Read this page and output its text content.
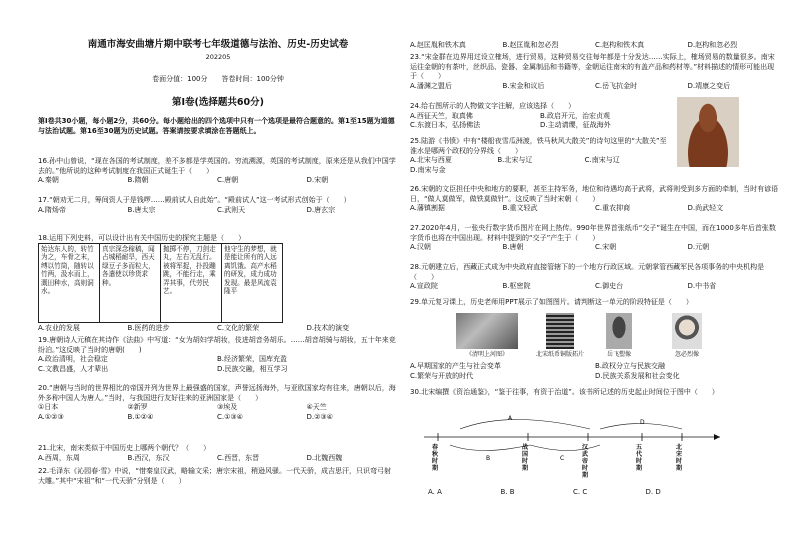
南通市海安曲塘片期中联考七年级道德与法治、历史-历史试卷
202205
卷面分值：100分　　答卷时间：100分钟
第Ⅰ卷(选择题共60分)
第Ⅰ卷共30小题，每小题2分，共60分。每小题给出的四个选项中只有一个选项是最符合题意的。第1至15题为道德与法治试题。第16至30题为历史试题。答案请按要求填涂在答题纸上。
16.孙中山曾说，“现在各国的考试制度，差不多都是学英国的。穷流溯源，英国的考试制度，原来还是从我们中国学去的。”他所说的这种考试制度在我国正式诞生于（　　）
A.秦朝	B.隋朝	C.唐朝	D.宋朝
17.“朝劝无二月，筹间资人于是钱啰……殿前试人自此始”。“殿前试人”这一考试形式创始于（　　）
A.隋炀帝	B.唐太宗	C.武则天	D.唐玄宗
18.运用下列史料，可以设计出有关中国历史的探究主题是（　　）
始达东人的，转竹为之，车骨之末，缚以竹筒，随转以竹两，汲水而上，溉田种水，高则洞水。	真宗深念稼稿，闻占城稻耐旱，西天绿豆子多而粒大，各遣使以珍货求种。	抛掷不停，刀剑走丸，左右无乱行。被将军捉，扑投蹦跳，不能行走，乘弄其事，代劳民艺。	他守生的梦想，就是能让所有的人远离饥饿。高产水稻的研发，成力成功发现。最是风流袁隆平
A.农业的发展	B.医药的进步	C.文化的繁荣	D.技术的演变
19.唐朝诗人元稹在其诗作《法曲》中写道：“女为胡妇学胡妆，伎进胡音务胡乐。……胡音胡骑与胡妆，五十年来竞纷泊。”这反映了当时的唐朝(　　)
A.政治清明，社会稳定	B.经济繁荣，国库充盈
C.文教昌盛，人才辈出	D.民族交融，相互学习
20.“唐朝与当时的世界相比的帝国并列为世界上最强盛的国家，声誉远扬海外，与亚欧国家均有往来，唐朝以后，海外多称中国人为唐人。”当时，与我国进行友好往来的亚洲国家是（　　）
①日本	②新罗	③埃及	④天竺
A.①②③	B.①②④	C.①③④	D.②③④
21.北宋，南宋类似于中国历史上哪两个朝代？（　　）
A.西周，东周	B.西汉，东汉	C.西晋，东晋	D.北魏西魏
22.毛泽东《沁园春·雪》中说，“惜秦皇汉武，略输文采；唐宗宋祖，稍逊风骚。一代天骄，成吉思汗，只识弯弓射大雕。”其中“宋祖”和“一代天骄”分别是（　　）
A.赵匡胤和铁木真	B.赵匡胤和忽必烈	C.赵构和铁木真	D.赵构和忽必烈
23.“宋金群在边界用过设立榷场，进行贸易，这种贸易交往每年都是十分发达……实际上，榷场贸易的数量很多。南宋运往金朝的有茶叶，丝织品、瓷器、金属制品和书籍等，金朝运往南宋的有盖产品和药材等。”材料描述的情形可能出现于（　　）
A.潘渊之盟后	B.宋金和议后	C.岳飞抗金时	D.靖康之变后
24.给右图所示的人物做文字注解，应该选择（　　）
A.西征天竺，取真佛	B.政启开元，治宏贞观
C.东渡日本，弘扬佛法	D.主动请缨，征战海外
25.陆游《书愤》中有“楼船夜雪瓜洲渡，铁马秋风大散关”的诗句这里的“大散关”至淮水是哪两个政权的分界线（　　）
A.北宋与西夏	B.北宋与辽	C.南宋与辽
D.南宋与金
26.宋朝的文臣担任中央和地方的要职，甚至主持军务，地位和待遇均高于武将，武将则受到多方面的牵制，当时有谚语日，“做人莫做军，做铁莫做针”。这反映了当时宋朝（　　）
A.藩镇割据	B.重文轻武	C.重农抑商	D.尚武轻文
27.2020年4月，一张央行数字货币图片在网上热传。990年世界首张纸币“交子”诞生在中国，而在1000多年后首张数字货币也将在中国出现。材料中提到的“交子”产生于（　　）
A.汉朝	B.唐朝	C.宋朝	D.元朝
28.元朝建立后，西藏正式成为中央政府直接管辖下的一个地方行政区域。元朝掌管西藏军民各项事务的中央机构是（　　）
A.宣政院	B.枢密院	C.御史台	D.中书省
29.单元复习课上，历史老师用PPT展示了如图图片。请判断这一单元的阶段特征是（　　）
《清明上河图》	北宋纸币铜版拓片	岳飞塑像	忽必烈像
A.早期国家的产生与社会变革	B.政权分立与民族交融
C.繁荣与开放的时代	D.民族关系发展和社会变化
30.北宋编撰《资治通鉴》，“鉴于往事，有资于治道”。该书所记述的历史起止时间位于图中（　　）
A
B	C
D
春秋时期
战国时期
汉武帝时期
五代时期
北宋时期
A. A	B. B	C. C	D. D
